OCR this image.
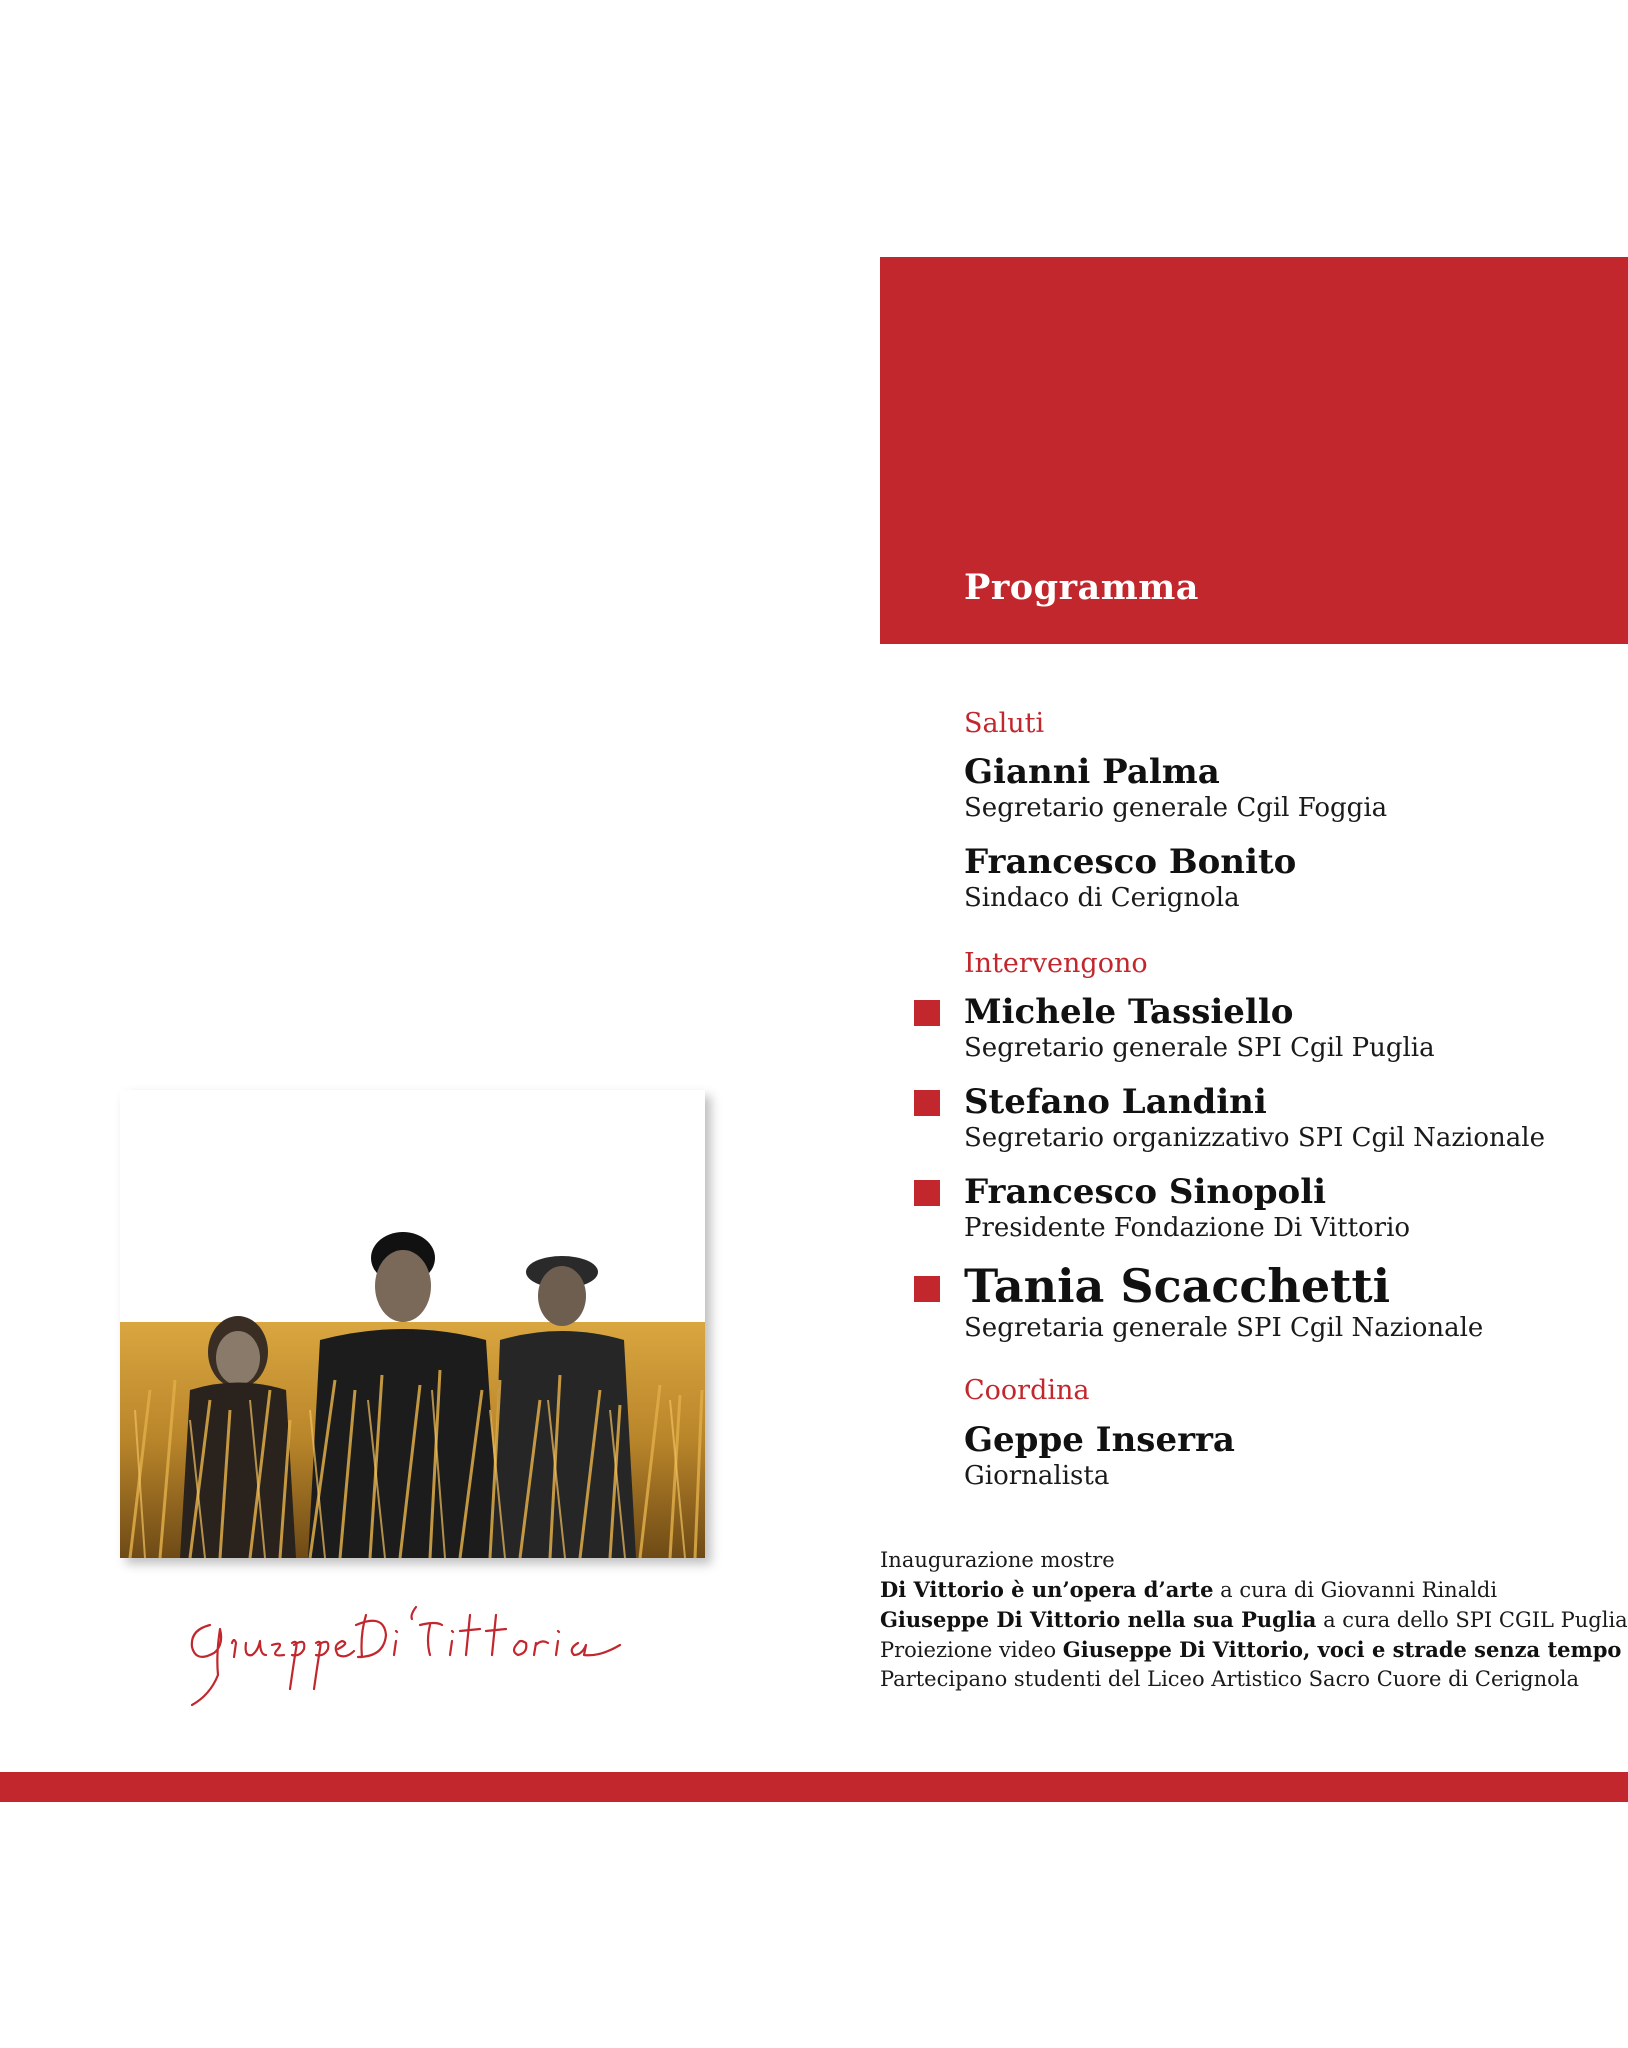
Programma

Saluti

Gianni Palma
Segretario generale Cgil Foggia
Francesco Bonito
Sindaco di Cerignola

Intervengono

Michele Tassiello
Segretario generale SPI Cgil Puglia
Stefano Landini
Segretario organizzativo SPI Cgil Nazionale
Francesco Sinopoli
Presidente Fondazione Di Vittorio
Tania Scacchetti
Segretaria generale SPI Cgil Nazionale

Coordina

Geppe Inserra
Giornalista
Inaugurazione mostre
Di Vittorio è un’opera d’arte a cura di Giovanni Rinaldi
Giuseppe Di Vittorio nella sua Puglia a cura dello SPI CGIL Puglia
Proiezione video Giuseppe Di Vittorio, voci e strade senza tempo
Partecipano studenti del Liceo Artistico Sacro Cuore di Cerignola
